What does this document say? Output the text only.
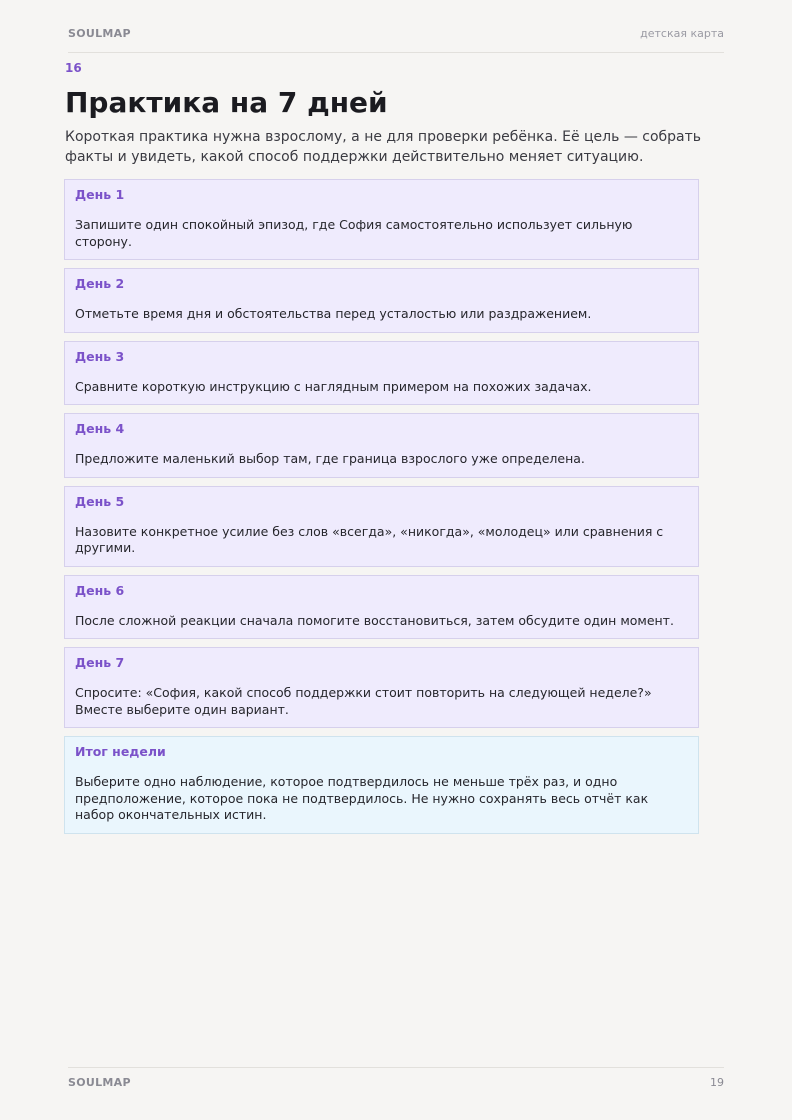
SOULMAP	детская карта
16
Практика на 7 дней

Короткая практика нужна взрослому, а не для проверки ребёнка. Её цель — собрать факты и увидеть, какой способ поддержки действительно меняет ситуацию.

День 1
Запишите один спокойный эпизод, где София самостоятельно использует сильную сторону.
День 2
Отметьте время дня и обстоятельства перед усталостью или раздражением.
День 3
Сравните короткую инструкцию с наглядным примером на похожих задачах.
День 4
Предложите маленький выбор там, где граница взрослого уже определена.
День 5
Назовите конкретное усилие без слов «всегда», «никогда», «молодец» или сравнения с другими.
День 6
После сложной реакции сначала помогите восстановиться, затем обсудите один момент.
День 7
Спросите: «София, какой способ поддержки стоит повторить на следующей неделе?» Вместе выберите один вариант.
Итог недели
Выберите одно наблюдение, которое подтвердилось не меньше трёх раз, и одно предположение, которое пока не подтвердилось. Не нужно сохранять весь отчёт как набор окончательных истин.
SOULMAP	19
